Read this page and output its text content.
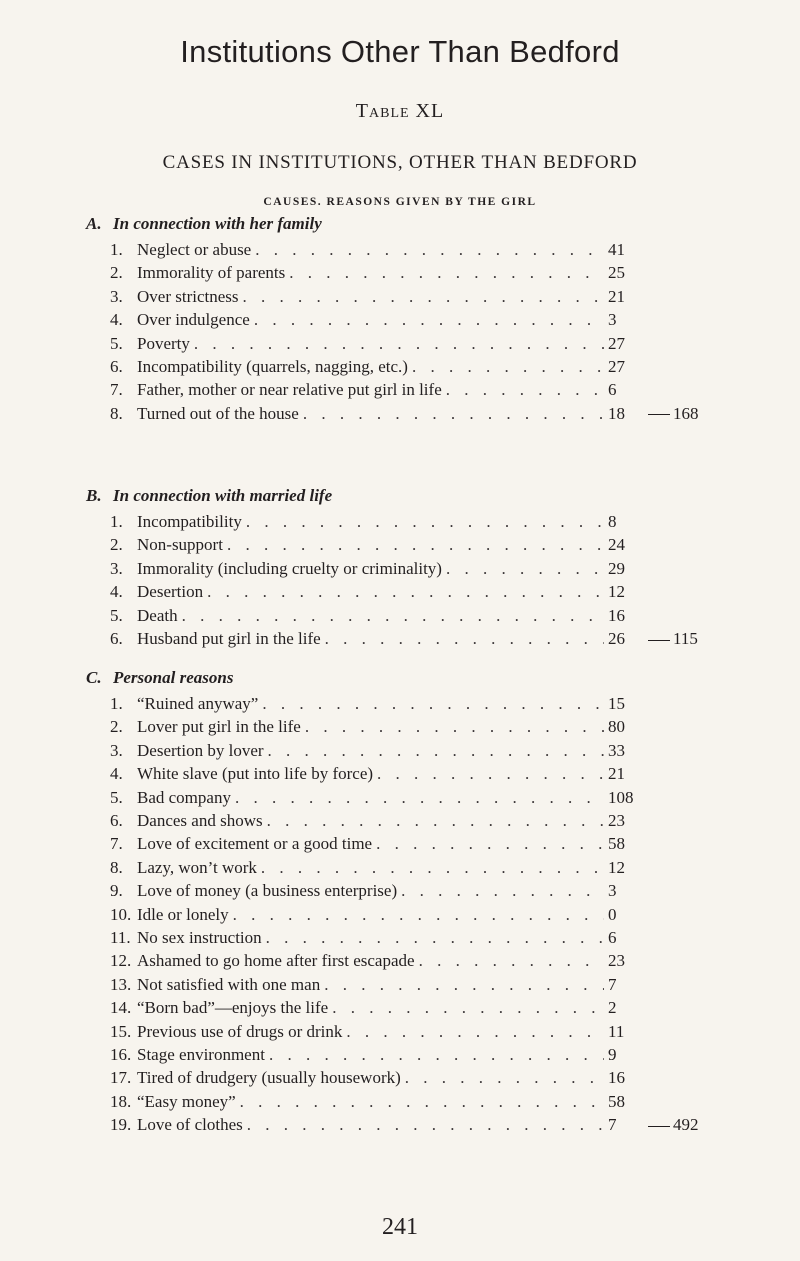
Institutions Other Than Bedford
Table XL
CASES IN INSTITUTIONS, OTHER THAN BEDFORD
CAUSES. REASONS GIVEN BY THE GIRL
A. In connection with her family
1. Neglect or abuse . . .	41
2. Immorality of parents . . .	25
3. Over strictness . . .	21
4. Over indulgence . . .	3
5. Poverty . . .	27
6. Incompatibility (quarrels, nagging, etc.) . . .	27
7. Father, mother or near relative put girl in life . . .	6
8. Turned out of the house . . .	18	168
B. In connection with married life
1. Incompatibility . . .	8
2. Non-support . . .	24
3. Immorality (including cruelty or criminality) . . .	29
4. Desertion . . .	12
5. Death . . .	16
6. Husband put girl in the life . . .	26	115
C. Personal reasons
1. “Ruined anyway” . . .	15
2. Lover put girl in the life . . .	80
3. Desertion by lover . . .	33
4. White slave (put into life by force) . . .	21
5. Bad company . . .	108
6. Dances and shows . . .	23
7. Love of excitement or a good time . . .	58
8. Lazy, won’t work . . .	12
9. Love of money (a business enterprise) . . .	3
10. Idle or lonely . . .	0
11. No sex instruction . . .	6
12. Ashamed to go home after first escapade . . .	23
13. Not satisfied with one man . . .	7
14. “Born bad”—enjoys the life . . .	2
15. Previous use of drugs or drink . . .	11
16. Stage environment . . .	9
17. Tired of drudgery (usually housework) . . .	16
18. “Easy money” . . .	58
19. Love of clothes . . .	7	492
241
